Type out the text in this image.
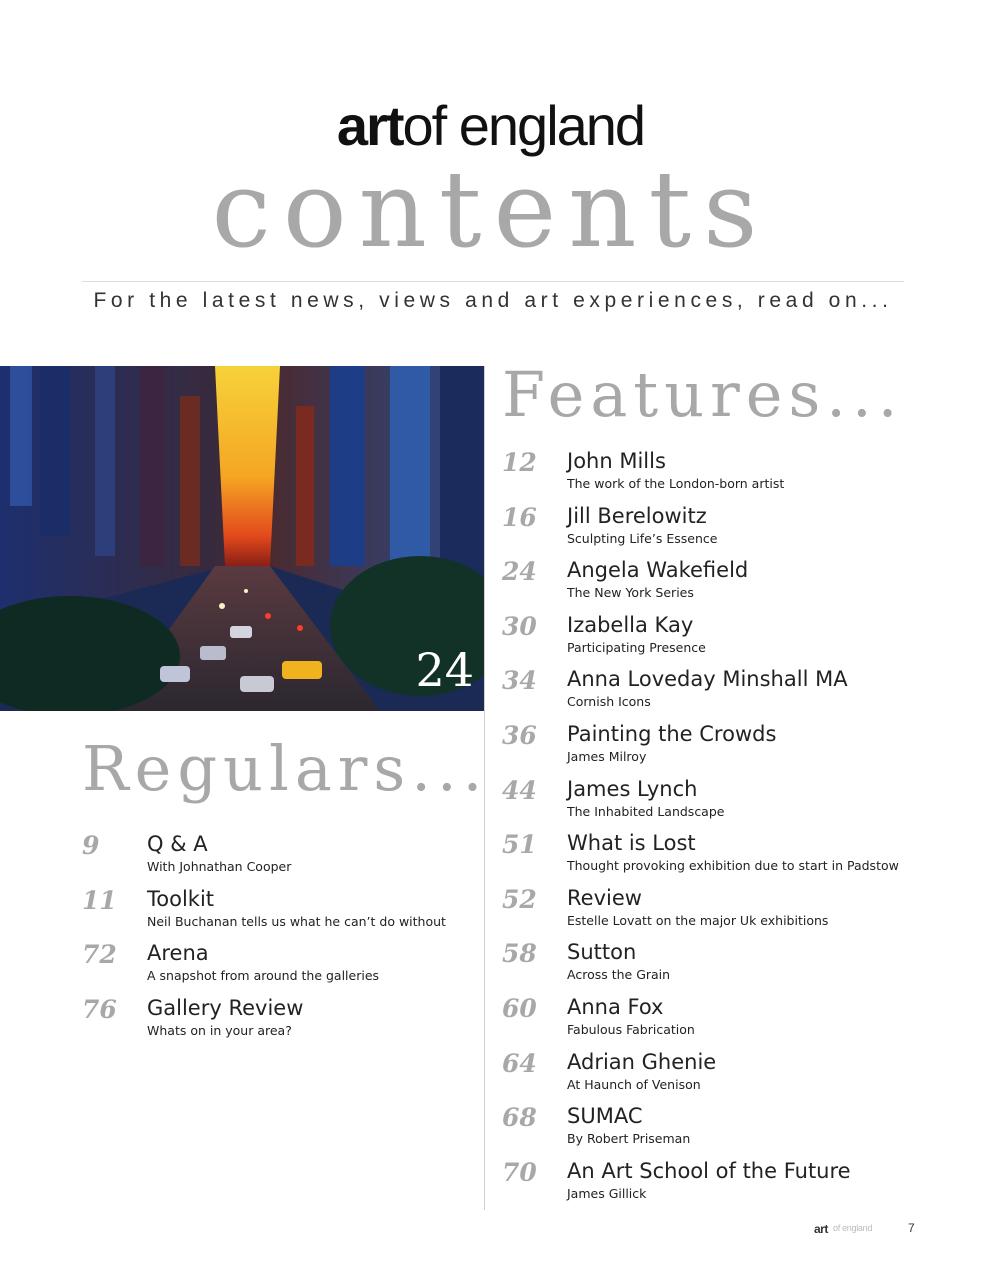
artof england
contents
For the latest news, views and art experiences, read on...
24
Features...
12 John Mills
The work of the London-born artist
16 Jill Berelowitz
Sculpting Life’s Essence
24 Angela Wakefield
The New York Series
30 Izabella Kay
Participating Presence
34 Anna Loveday Minshall MA
Cornish Icons
36 Painting the Crowds
James Milroy
44 James Lynch
The Inhabited Landscape
51 What is Lost
Thought provoking exhibition due to start in Padstow
52 Review
Estelle Lovatt on the major Uk exhibitions
58 Sutton
Across the Grain
60 Anna Fox
Fabulous Fabrication
64 Adrian Ghenie
At Haunch of Venison
68 SUMAC
By Robert Priseman
70 An Art School of the Future
James Gillick
Regulars...
9 Q & A
With Johnathan Cooper
11 Toolkit
Neil Buchanan tells us what he can’t do without
72 Arena
A snapshot from around the galleries
76 Gallery Review
Whats on in your area?
art of england	7
